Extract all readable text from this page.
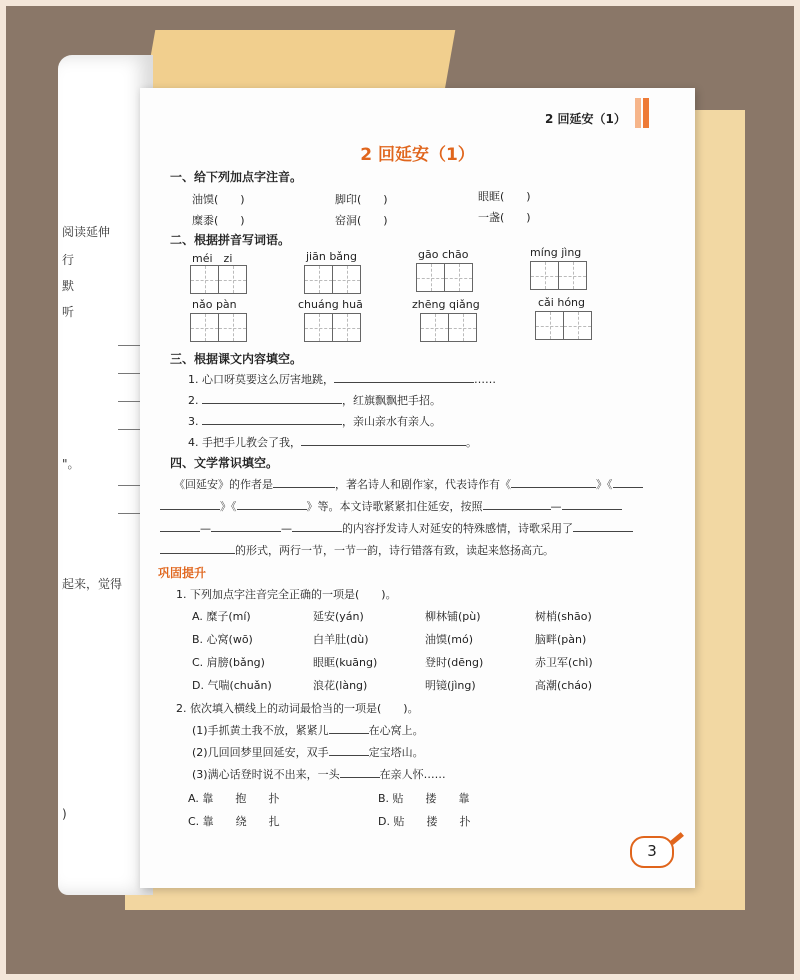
阅读延伸
行
默
听
"。
起来，觉得
)
2 回延安（1）
2 回延安（1）
一、给下列加点字注音。
油馍(　　)	脚印(　　)	眼眶(　　)
糜黍(　　)	窑洞(　　)	一盏(　　)
二、根据拼音写词语。
méi　zi	jiān bǎng	gāo chāo	míng jìng
nǎo pàn	chuáng huā	zhēng qiǎng	cǎi hóng
三、根据课文内容填空。
1. 心口呀莫要这么厉害地跳，	……
2.	，红旗飘飘把手招。
3.	，亲山亲水有亲人。
4. 手把手儿教会了我，	。
四、文学常识填空。
《回延安》的作者是	，著名诗人和剧作家，代表诗作有《	》《
》《	》等。本文诗歌紧紧扣住延安，按照	—
—	—	的内容抒发诗人对延安的特殊感情，诗歌采用了
的形式，两行一节，一节一韵，诗行错落有致，读起来悠扬高亢。
巩固提升
1. 下列加点字注音完全正确的一项是(　　)。
A. 糜子(mí)	延安(yán)	柳林铺(pù)	树梢(shāo)
B. 心窝(wō)	白羊肚(dù)	油馍(mó)	脑畔(pàn)
C. 肩膀(bǎng)	眼眶(kuāng)	登时(dēng)	赤卫军(chì)
D. 气喘(chuǎn)	浪花(làng)	明镜(jìng)	高潮(cháo)
2. 依次填入横线上的动词最恰当的一项是(　　)。
(1)手抓黄土我不放，紧紧儿	在心窝上。
(2)几回回梦里回延安，双手	定宝塔山。
(3)满心话登时说不出来，一头	在亲人怀……
A. 靠　　抱　　扑	B. 贴　　搂　　靠
C. 靠　　绕　　扎	D. 贴　　搂　　扑
3
